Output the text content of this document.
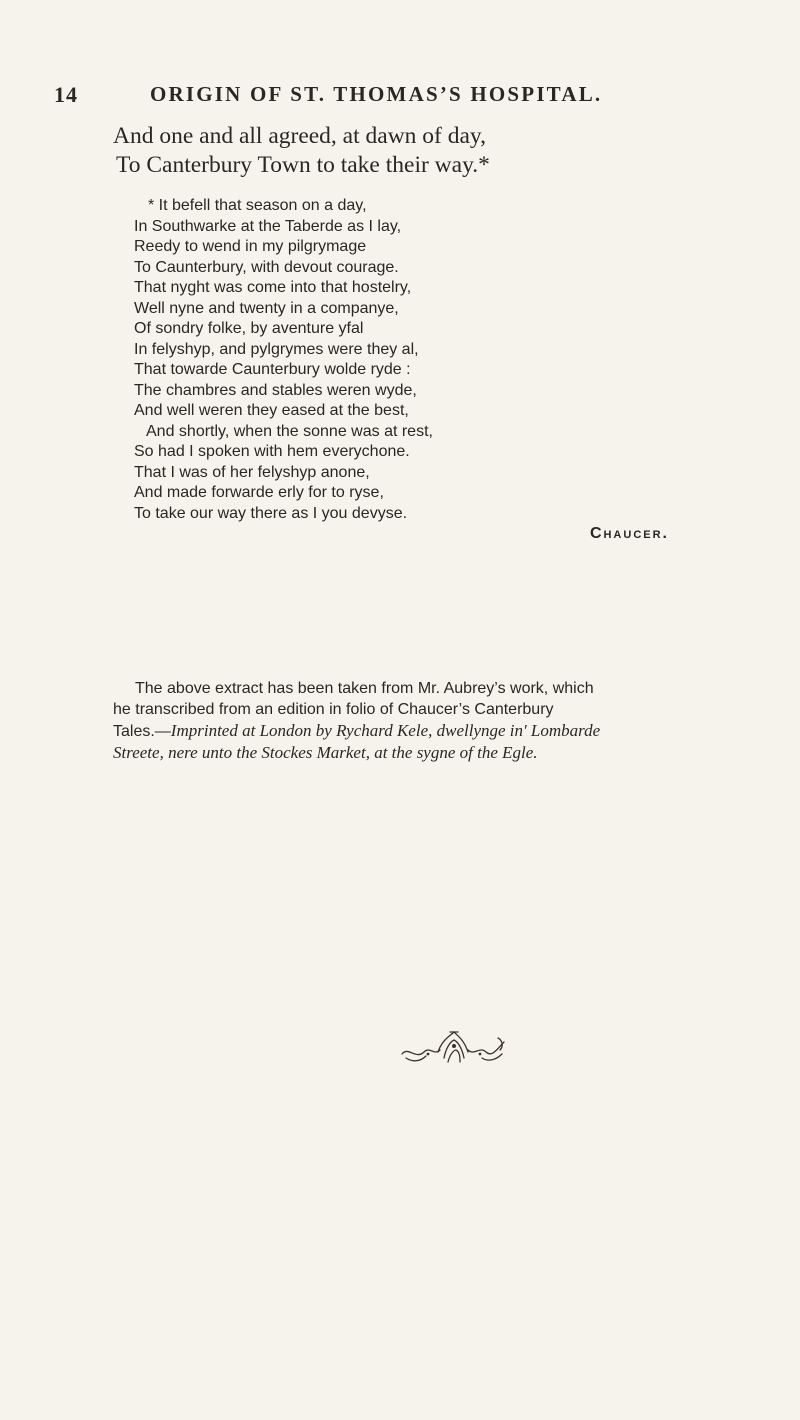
14	ORIGIN OF ST. THOMAS’S HOSPITAL.
And one and all agreed, at dawn of day,
To Canterbury Town to take their way.*
* It befell that season on a day,
In Southwarke at the Taberde as I lay,
Reedy to wend in my pilgrymage
To Caunterbury, with devout courage.
That nyght was come into that hostelry,
Well nyne and twenty in a companye,
Of sondry folke, by aventure yfal
In felyshyp, and pylgrymes were they al,
That towarde Caunterbury wolde ryde :
The chambres and stables weren wyde,
And well weren they eased at the best,
And shortly, when the sonne was at rest,
So had I spoken with hem everychone.
That I was of her felyshyp anone,
And made forwarde erly for to ryse,
To take our way there as I you devyse.
Chaucer.
The above extract has been taken from Mr. Aubrey’s work, which
he transcribed from an edition in folio of Chaucer’s Canterbury
Tales.—Imprinted at London by Rychard Kele, dwellynge in' Lombarde
Streete, nere unto the Stockes Market, at the sygne of the Egle.
